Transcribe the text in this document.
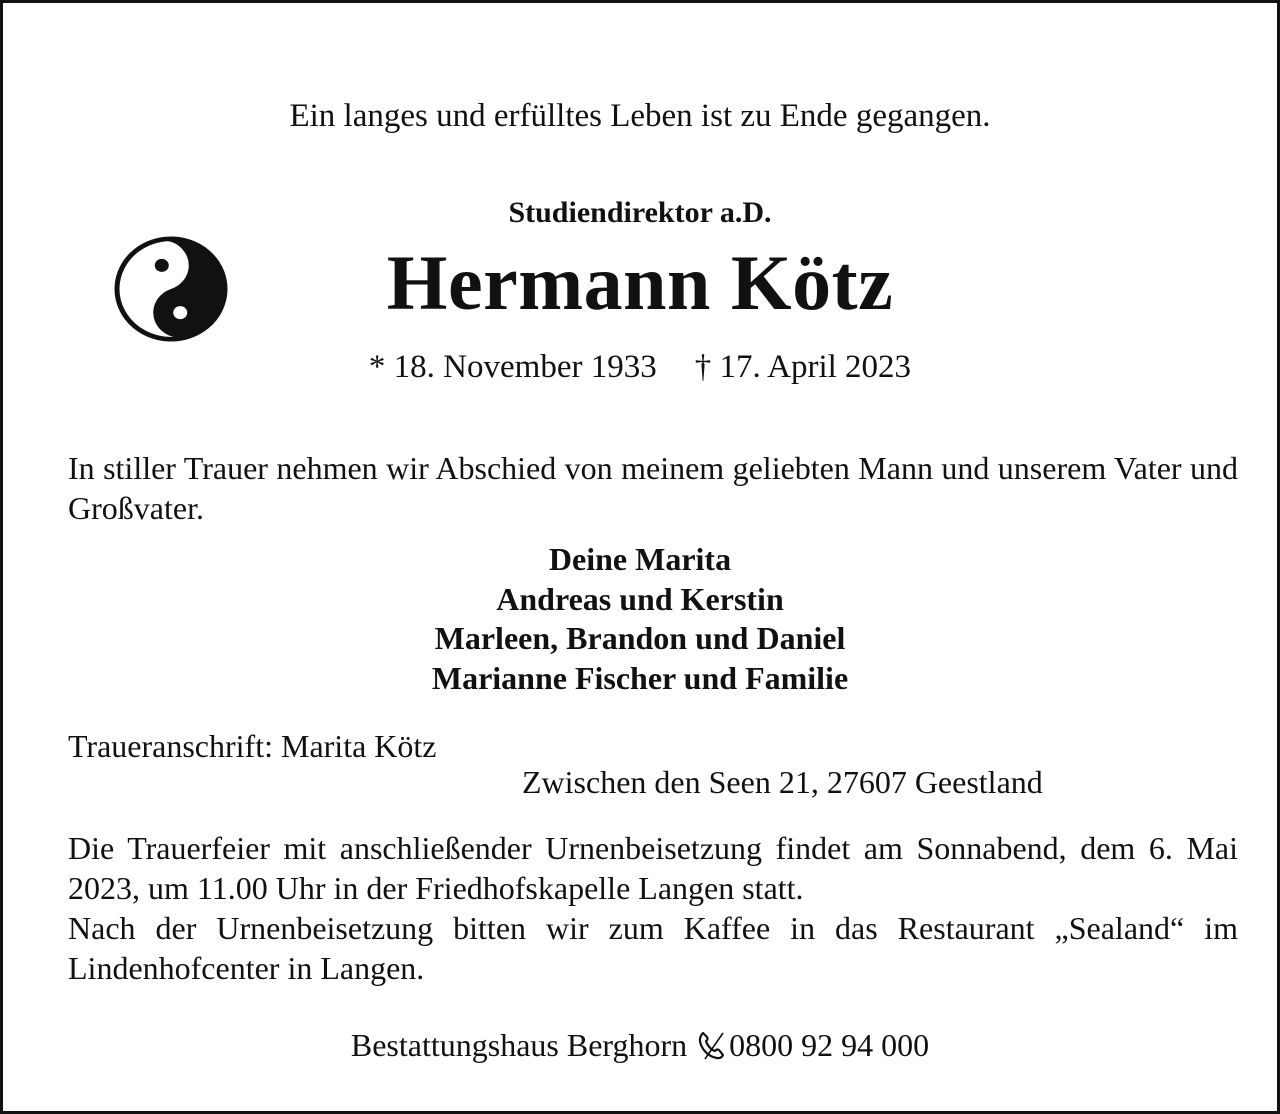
Ein langes und erfülltes Leben ist zu Ende gegangen.
Studiendirektor a.D.
Hermann Kötz
* 18. November 1933 † 17. April 2023
In stiller Trauer nehmen wir Abschied von meinem geliebten Mann und unserem Vater und Großvater.
Deine Marita
Andreas und Kerstin
Marleen, Brandon und Daniel
Marianne Fischer und Familie
Traueranschrift: Marita Kötz
Zwischen den Seen 21, 27607 Geestland
Die Trauerfeier mit anschließender Urnenbeisetzung findet am Sonnabend, dem 6. Mai 2023, um 11.00 Uhr in der Friedhofskapelle Langen statt.
Nach der Urnenbeisetzung bitten wir zum Kaffee in das Restaurant „Sealand“ im Lindenhofcenter in Langen.
Bestattungshaus Berghorn 0800 92 94 000
